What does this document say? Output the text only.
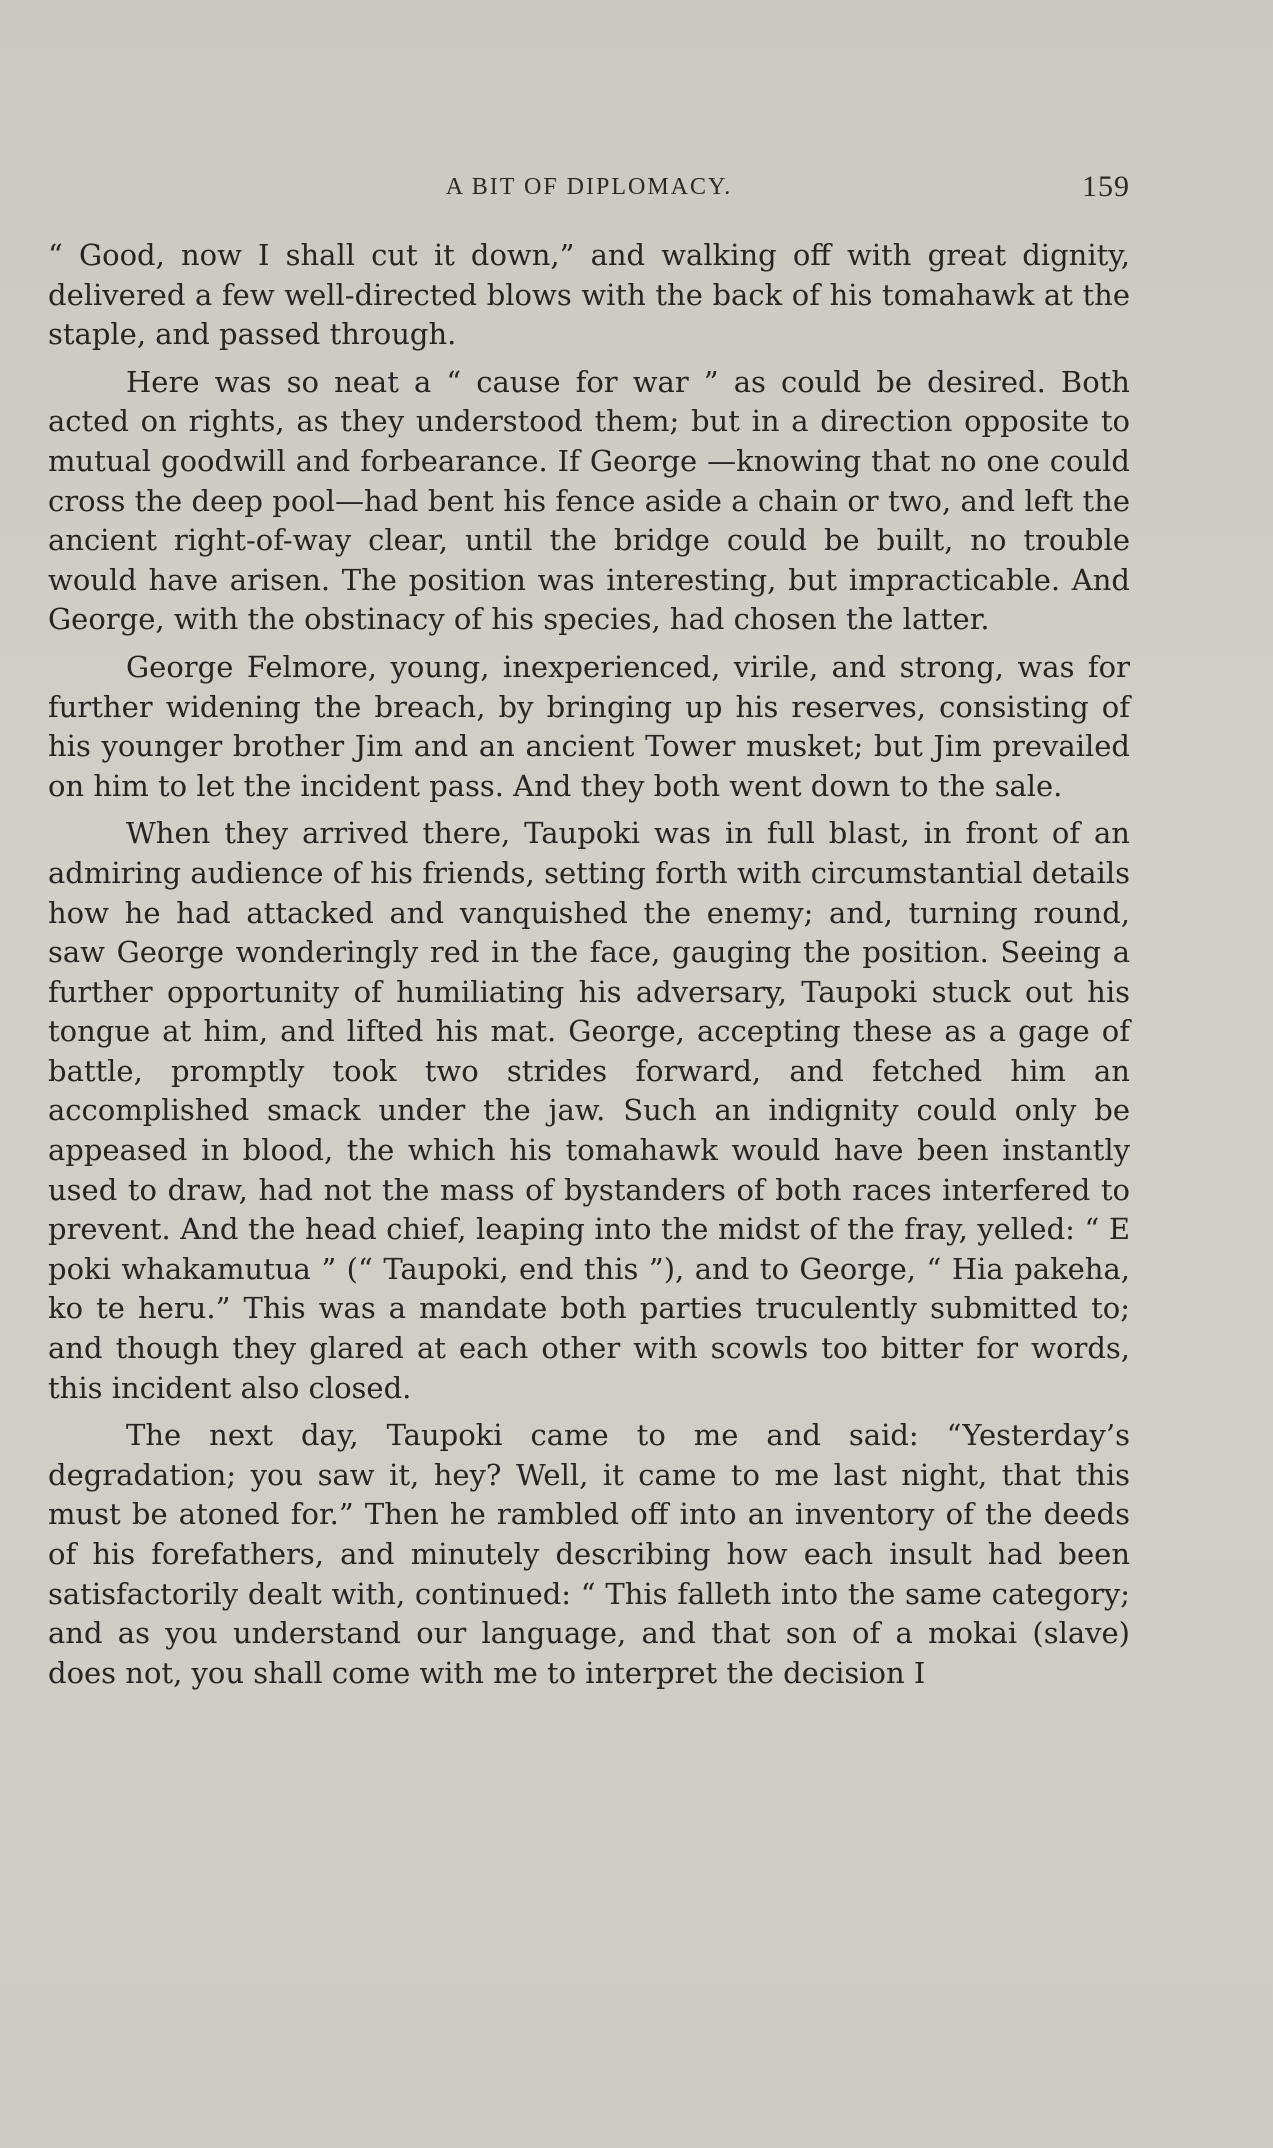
A BIT OF DIPLOMACY.	159

“ Good, now I shall cut it down,” and walking off with great dignity, delivered a few well-directed blows with the back of his tomahawk at the staple, and passed through.

Here was so neat a “ cause for war ” as could be desired. Both acted on rights, as they understood them; but in a direction opposite to mutual goodwill and forbearance. If George —knowing that no one could cross the deep pool—had bent his fence aside a chain or two, and left the ancient right-of-way clear, until the bridge could be built, no trouble would have arisen. The position was interesting, but impracticable. And George, with the obstinacy of his species, had chosen the latter.

George Felmore, young, inexperienced, virile, and strong, was for further widening the breach, by bringing up his reserves, consisting of his younger brother Jim and an ancient Tower musket; but Jim prevailed on him to let the incident pass. And they both went down to the sale.

When they arrived there, Taupoki was in full blast, in front of an admiring audience of his friends, setting forth with circumstantial details how he had attacked and vanquished the enemy; and, turning round, saw George wonderingly red in the face, gauging the position. Seeing a further opportunity of humiliating his adversary, Taupoki stuck out his tongue at him, and lifted his mat. George, accepting these as a gage of battle, promptly took two strides forward, and fetched him an accomplished smack under the jaw. Such an indignity could only be appeased in blood, the which his tomahawk would have been instantly used to draw, had not the mass of bystanders of both races interfered to prevent. And the head chief, leaping into the midst of the fray, yelled: “ E poki whakamutua ” (“ Taupoki, end this ”), and to George, “ Hia pakeha, ko te heru.” This was a mandate both parties truculently submitted to; and though they glared at each other with scowls too bitter for words, this incident also closed.

The next day, Taupoki came to me and said: “Yesterday’s degradation; you saw it, hey? Well, it came to me last night, that this must be atoned for.” Then he rambled off into an inventory of the deeds of his forefathers, and minutely describing how each insult had been satisfactorily dealt with, continued: “ This falleth into the same category; and as you understand our language, and that son of a mokai (slave) does not, you shall come with me to interpret the decision I
